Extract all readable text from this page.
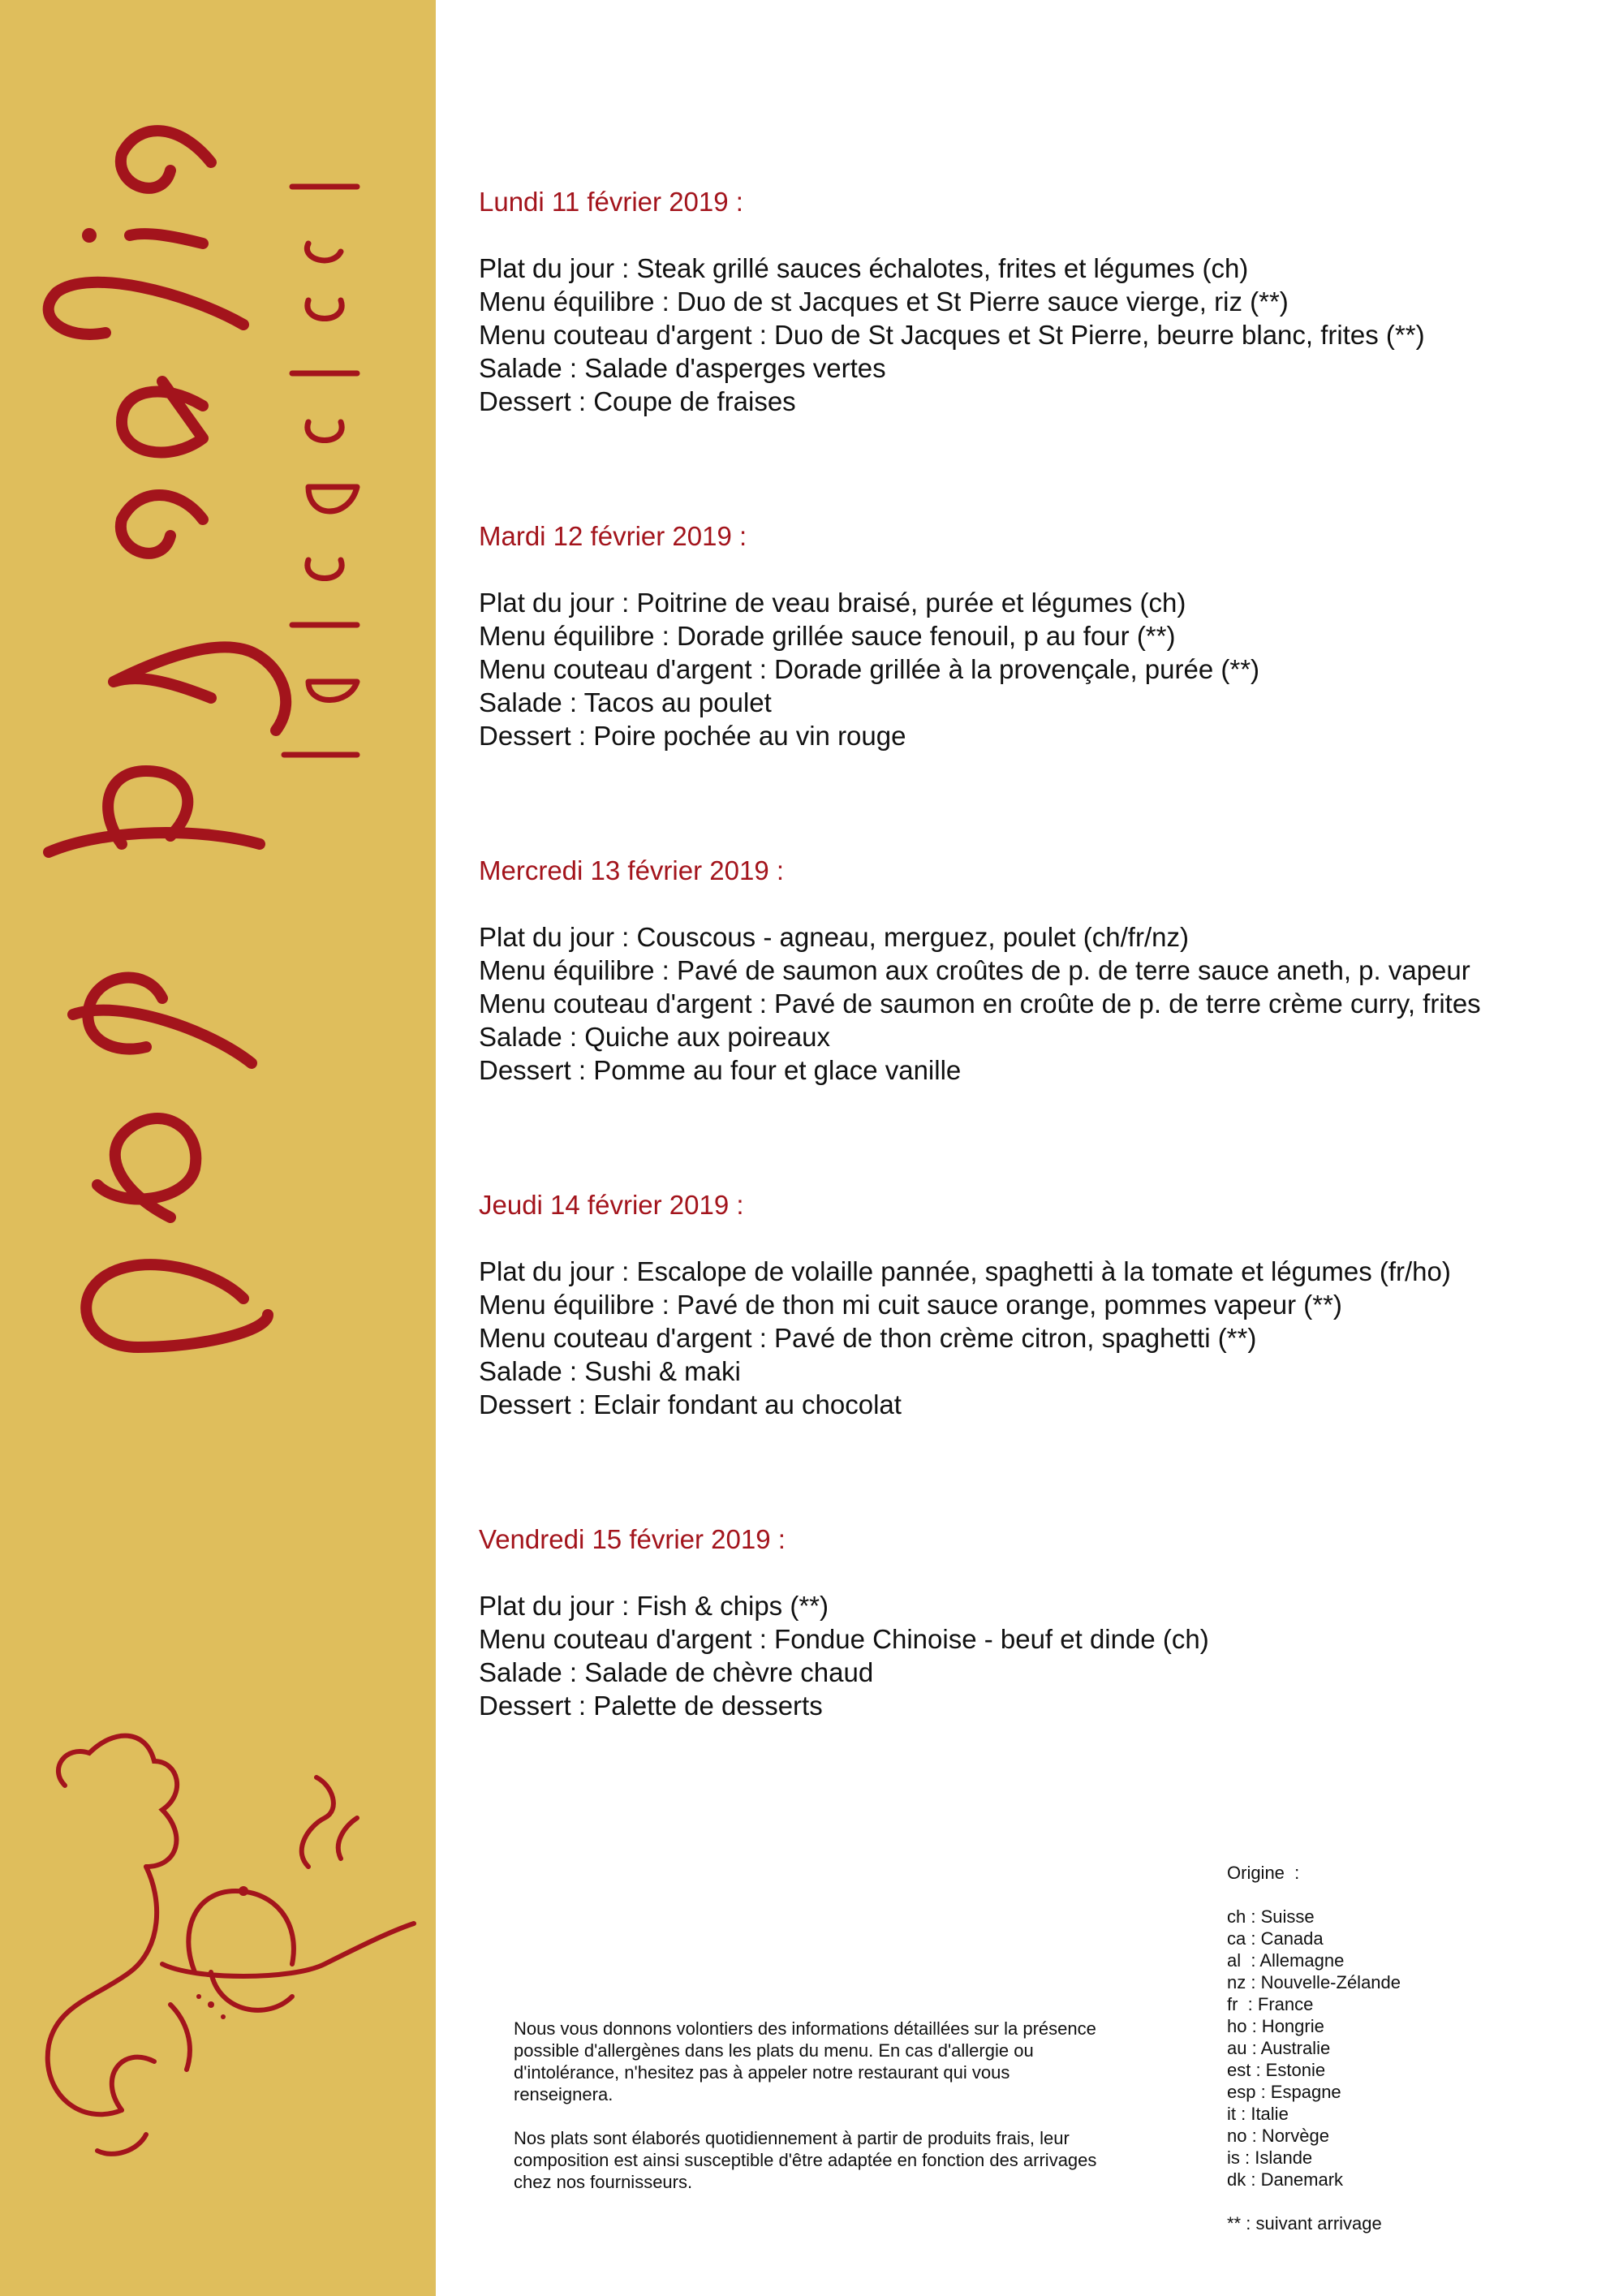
Lundi 11 février 2019 :
Plat du jour : Steak grillé sauces échalotes, frites et légumes (ch)
Menu équilibre : Duo de st Jacques et St Pierre sauce vierge, riz (**)
Menu couteau d'argent : Duo de St Jacques et St Pierre, beurre blanc, frites (**)
Salade : Salade d'asperges vertes
Dessert : Coupe de fraises
Mardi 12 février 2019 :
Plat du jour : Poitrine de veau braisé, purée et légumes (ch)
Menu équilibre : Dorade grillée sauce fenouil, p au four (**)
Menu couteau d'argent : Dorade grillée à la provençale, purée (**)
Salade : Tacos au poulet
Dessert : Poire pochée au vin rouge
Mercredi 13 février 2019 :
Plat du jour : Couscous - agneau, merguez, poulet (ch/fr/nz)
Menu équilibre : Pavé de saumon aux croûtes de p. de terre sauce aneth, p. vapeur
Menu couteau d'argent : Pavé de saumon en croûte de p. de terre crème curry, frites
Salade : Quiche aux poireaux
Dessert : Pomme au four et glace vanille
Jeudi 14 février 2019 :
Plat du jour : Escalope de volaille pannée, spaghetti à la tomate et légumes (fr/ho)
Menu équilibre : Pavé de thon mi cuit sauce orange, pommes vapeur (**)
Menu couteau d'argent : Pavé de thon crème citron, spaghetti (**)
Salade : Sushi & maki
Dessert : Eclair fondant au chocolat
Vendredi 15 février 2019 :
Plat du jour : Fish & chips (**)
Menu couteau d'argent : Fondue Chinoise - beuf et dinde (ch)
Salade : Salade de chèvre chaud
Dessert : Palette de desserts

Nous vous donnons volontiers des informations détaillées sur la présence possible d'allergènes dans les plats du menu. En cas d'allergie ou d'intolérance, n'hesitez pas à appeler notre restaurant qui vous renseignera.

Nos plats sont élaborés quotidiennement à partir de produits frais, leur composition est ainsi susceptible d'être adaptée en fonction des arrivages chez nos fournisseurs.

Origine  :
ch : Suisse
ca : Canada
al  : Allemagne
nz : Nouvelle-Zélande
fr  : France
ho : Hongrie
au : Australie
est : Estonie
esp : Espagne
it : Italie
no : Norvège
is : Islande
dk : Danemark
** : suivant arrivage
